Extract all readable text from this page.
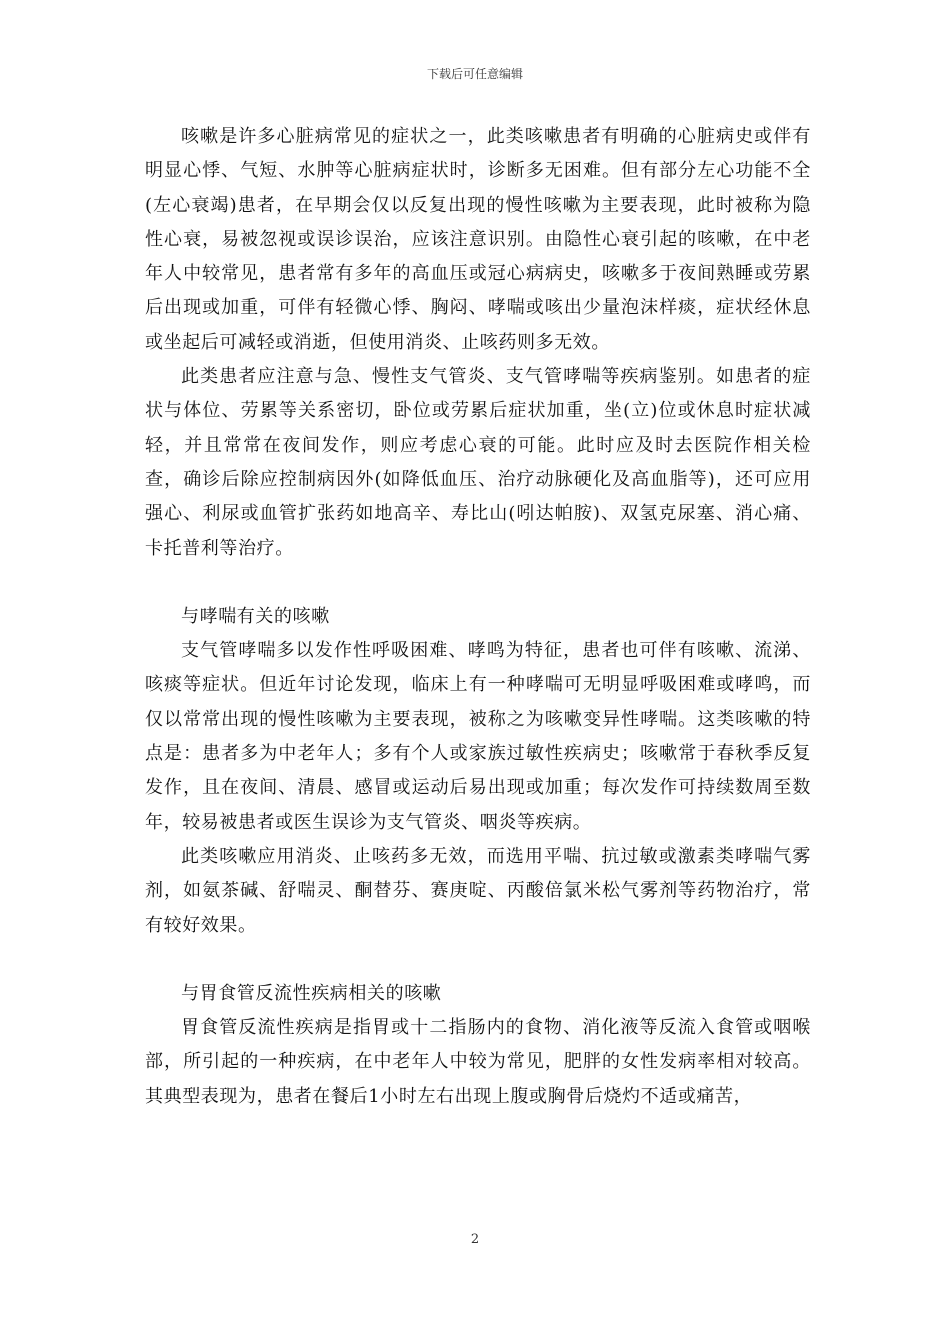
下载后可任意编辑

咳嗽是许多心脏病常见的症状之一，此类咳嗽患者有明确的心脏病史或伴有明显心悸、气短、水肿等心脏病症状时，诊断多无困难。但有部分左心功能不全(左心衰竭)患者，在早期会仅以反复出现的慢性咳嗽为主要表现，此时被称为隐性心衰，易被忽视或误诊误治，应该注意识别。由隐性心衰引起的咳嗽，在中老年人中较常见，患者常有多年的高血压或冠心病病史，咳嗽多于夜间熟睡或劳累后出现或加重，可伴有轻微心悸、胸闷、哮喘或咳出少量泡沫样痰，症状经休息或坐起后可减轻或消逝，但使用消炎、止咳药则多无效。

此类患者应注意与急、慢性支气管炎、支气管哮喘等疾病鉴别。如患者的症状与体位、劳累等关系密切，卧位或劳累后症状加重，坐(立)位或休息时症状减轻，并且常常在夜间发作，则应考虑心衰的可能。此时应及时去医院作相关检查，确诊后除应控制病因外(如降低血压、治疗动脉硬化及高血脂等)，还可应用强心、利尿或血管扩张药如地高辛、寿比山(吲达帕胺)、双氢克尿塞、消心痛、卡托普利等治疗。

与哮喘有关的咳嗽

支气管哮喘多以发作性呼吸困难、哮鸣为特征，患者也可伴有咳嗽、流涕、咳痰等症状。但近年讨论发现，临床上有一种哮喘可无明显呼吸困难或哮鸣，而仅以常常出现的慢性咳嗽为主要表现，被称之为咳嗽变异性哮喘。这类咳嗽的特点是：患者多为中老年人；多有个人或家族过敏性疾病史；咳嗽常于春秋季反复发作，且在夜间、清晨、感冒或运动后易出现或加重；每次发作可持续数周至数年，较易被患者或医生误诊为支气管炎、咽炎等疾病。

此类咳嗽应用消炎、止咳药多无效，而选用平喘、抗过敏或激素类哮喘气雾剂，如氨茶碱、舒喘灵、酮替芬、赛庚啶、丙酸倍氯米松气雾剂等药物治疗，常有较好效果。

与胃食管反流性疾病相关的咳嗽

胃食管反流性疾病是指胃或十二指肠内的食物、消化液等反流入食管或咽喉部，所引起的一种疾病，在中老年人中较为常见，肥胖的女性发病率相对较高。其典型表现为，患者在餐后1小时左右出现上腹或胸骨后烧灼不适或痛苦，

2
